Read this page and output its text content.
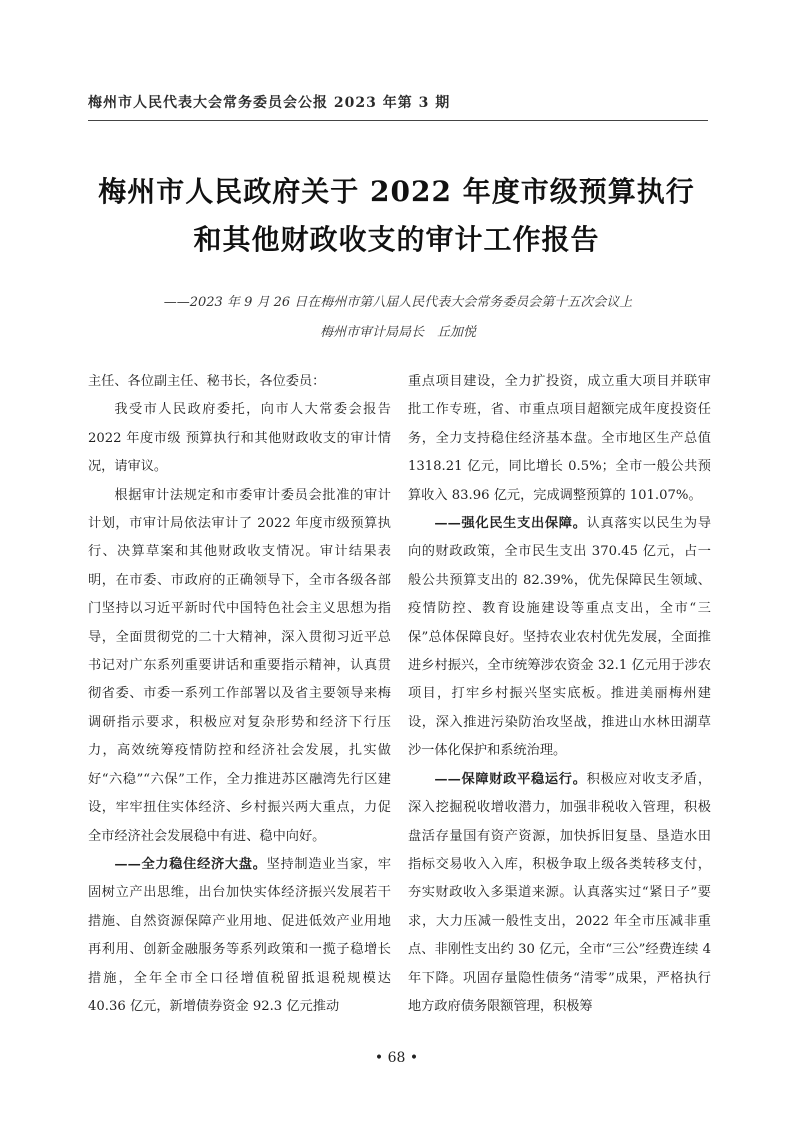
梅州市人民代表大会常务委员会公报 2023 年第 3 期
梅州市人民政府关于 2022 年度市级预算执行
和其他财政收支的审计工作报告
——2023 年 9 月 26 日在梅州市第八届人民代表大会常务委员会第十五次会议上
梅州市审计局局长　丘加悦

主任、各位副主任、秘书长，各位委员：

我受市人民政府委托，向市人大常委会报告 2022 年度市级 预算执行和其他财政收支的审计情况，请审议。

根据审计法规定和市委审计委员会批准的审计计划，市审计局依法审计了 2022 年度市级预算执行、决算草案和其他财政收支情况。审计结果表明，在市委、市政府的正确领导下，全市各级各部门坚持以习近平新时代中国特色社会主义思想为指导，全面贯彻党的二十大精神，深入贯彻习近平总书记对广东系列重要讲话和重要指示精神，认真贯彻省委、市委一系列工作部署以及省主要领导来梅调研指示要求，积极应对复杂形势和经济下行压力，高效统筹疫情防控和经济社会发展，扎实做好“六稳”“六保”工作，全力推进苏区融湾先行区建设，牢牢扭住实体经济、乡村振兴两大重点，力促全市经济社会发展稳中有进、稳中向好。

——全力稳住经济大盘。坚持制造业当家，牢固树立产出思维，出台加快实体经济振兴发展若干措施、自然资源保障产业用地、促进低效产业用地再利用、创新金融服务等系列政策和一揽子稳增长措施，全年全市全口径增值税留抵退税规模达 40.36 亿元，新增债券资金 92.3 亿元推动

重点项目建设，全力扩投资，成立重大项目并联审批工作专班，省、市重点项目超额完成年度投资任务，全力支持稳住经济基本盘。全市地区生产总值 1318.21 亿元，同比增长 0.5%；全市一般公共预算收入 83.96 亿元，完成调整预算的 101.07%。

——强化民生支出保障。认真落实以民生为导向的财政政策，全市民生支出 370.45 亿元，占一般公共预算支出的 82.39%，优先保障民生领域、疫情防控、教育设施建设等重点支出，全市“三保”总体保障良好。坚持农业农村优先发展，全面推进乡村振兴，全市统筹涉农资金 32.1 亿元用于涉农项目，打牢乡村振兴坚实底板。推进美丽梅州建设，深入推进污染防治攻坚战，推进山水林田湖草沙一体化保护和系统治理。

——保障财政平稳运行。积极应对收支矛盾，深入挖掘税收增收潜力，加强非税收入管理，积极盘活存量国有资产资源，加快拆旧复垦、垦造水田指标交易收入入库，积极争取上级各类转移支付，夯实财政收入多渠道来源。认真落实过“紧日子”要求，大力压减一般性支出，2022 年全市压减非重点、非刚性支出约 30 亿元，全市“三公”经费连续 4 年下降。巩固存量隐性债务“清零”成果，严格执行地方政府债务限额管理，积极筹

• 68 •
